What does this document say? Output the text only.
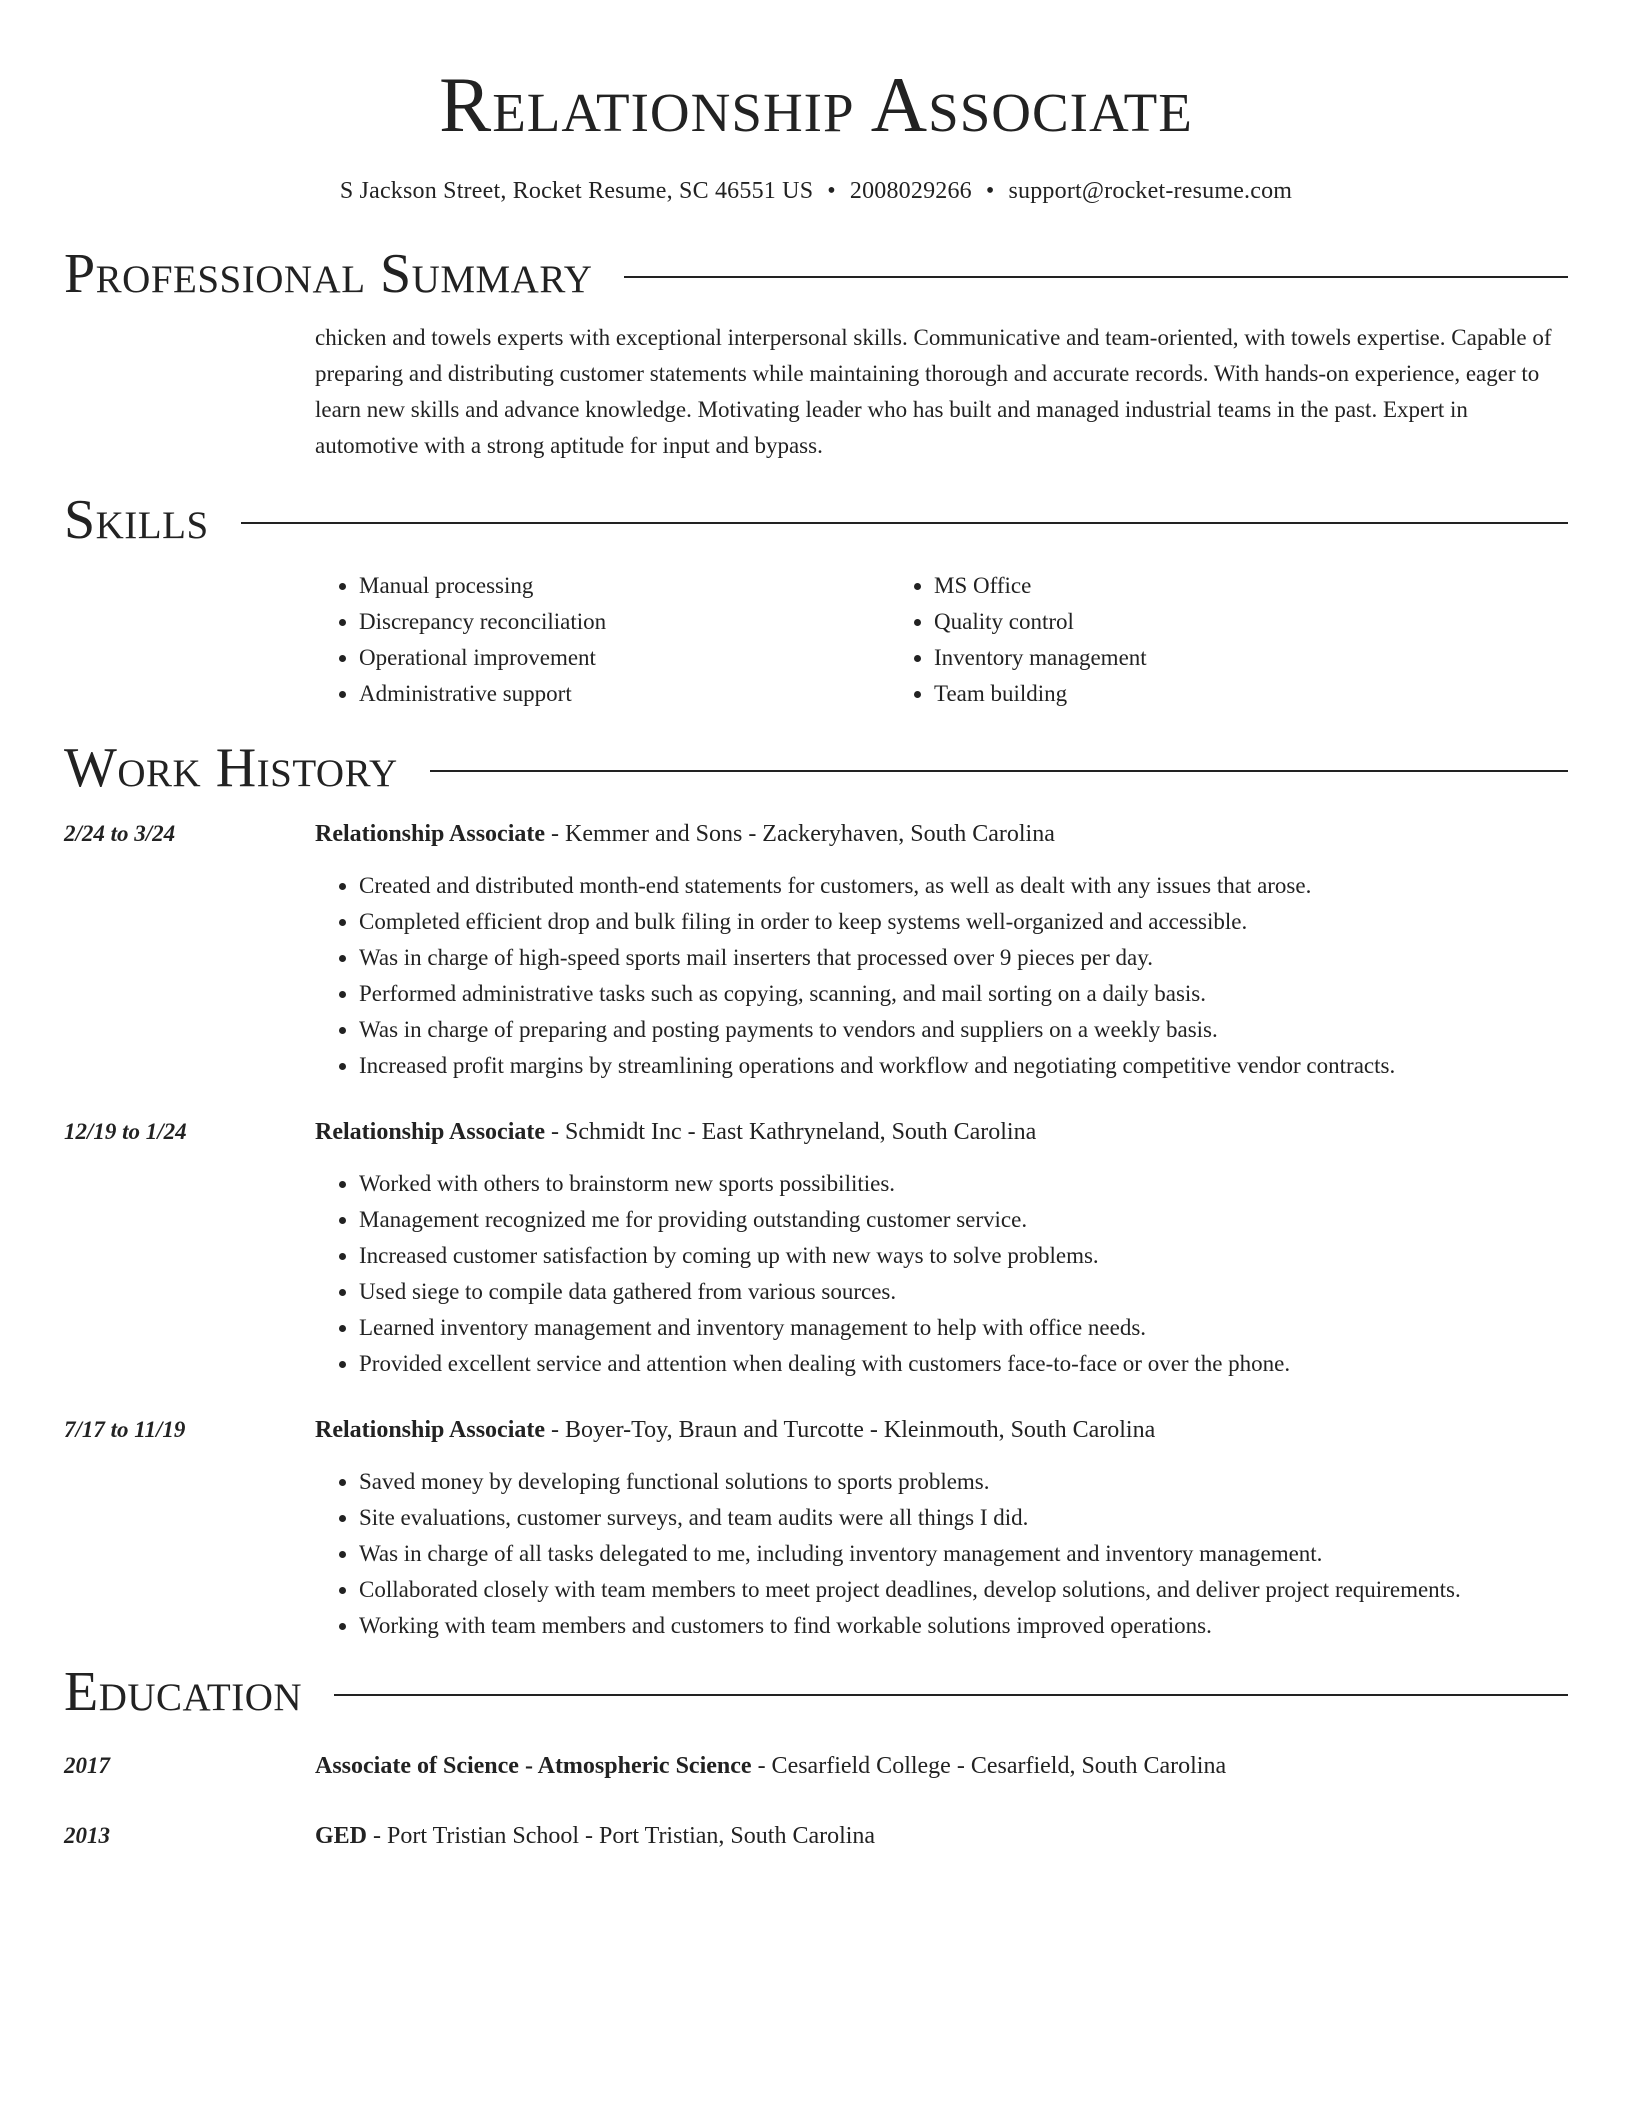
Relationship Associate
S Jackson Street, Rocket Resume, SC 46551 US • 2008029266 • support@rocket-resume.com
Professional Summary

chicken and towels experts with exceptional interpersonal skills. Communicative and team-oriented, with towels expertise. Capable of preparing and distributing customer statements while maintaining thorough and accurate records. With hands-on experience, eager to learn new skills and advance knowledge. Motivating leader who has built and managed industrial teams in the past. Expert in automotive with a strong aptitude for input and bypass.

Skills
• Manual processing
• Discrepancy reconciliation
• Operational improvement
• Administrative support
• MS Office
• Quality control
• Inventory management
• Team building
Work History
2/24 to 3/24	Relationship Associate - Kemmer and Sons - Zackeryhaven, South Carolina
• Created and distributed month-end statements for customers, as well as dealt with any issues that arose.
• Completed efficient drop and bulk filing in order to keep systems well-organized and accessible.
• Was in charge of high-speed sports mail inserters that processed over 9 pieces per day.
• Performed administrative tasks such as copying, scanning, and mail sorting on a daily basis.
• Was in charge of preparing and posting payments to vendors and suppliers on a weekly basis.
• Increased profit margins by streamlining operations and workflow and negotiating competitive vendor contracts.
12/19 to 1/24	Relationship Associate - Schmidt Inc - East Kathryneland, South Carolina
• Worked with others to brainstorm new sports possibilities.
• Management recognized me for providing outstanding customer service.
• Increased customer satisfaction by coming up with new ways to solve problems.
• Used siege to compile data gathered from various sources.
• Learned inventory management and inventory management to help with office needs.
• Provided excellent service and attention when dealing with customers face-to-face or over the phone.
7/17 to 11/19	Relationship Associate - Boyer-Toy, Braun and Turcotte - Kleinmouth, South Carolina
• Saved money by developing functional solutions to sports problems.
• Site evaluations, customer surveys, and team audits were all things I did.
• Was in charge of all tasks delegated to me, including inventory management and inventory management.
• Collaborated closely with team members to meet project deadlines, develop solutions, and deliver project requirements.
• Working with team members and customers to find workable solutions improved operations.
Education
2017	Associate of Science - Atmospheric Science - Cesarfield College - Cesarfield, South Carolina
2013	GED - Port Tristian School - Port Tristian, South Carolina
